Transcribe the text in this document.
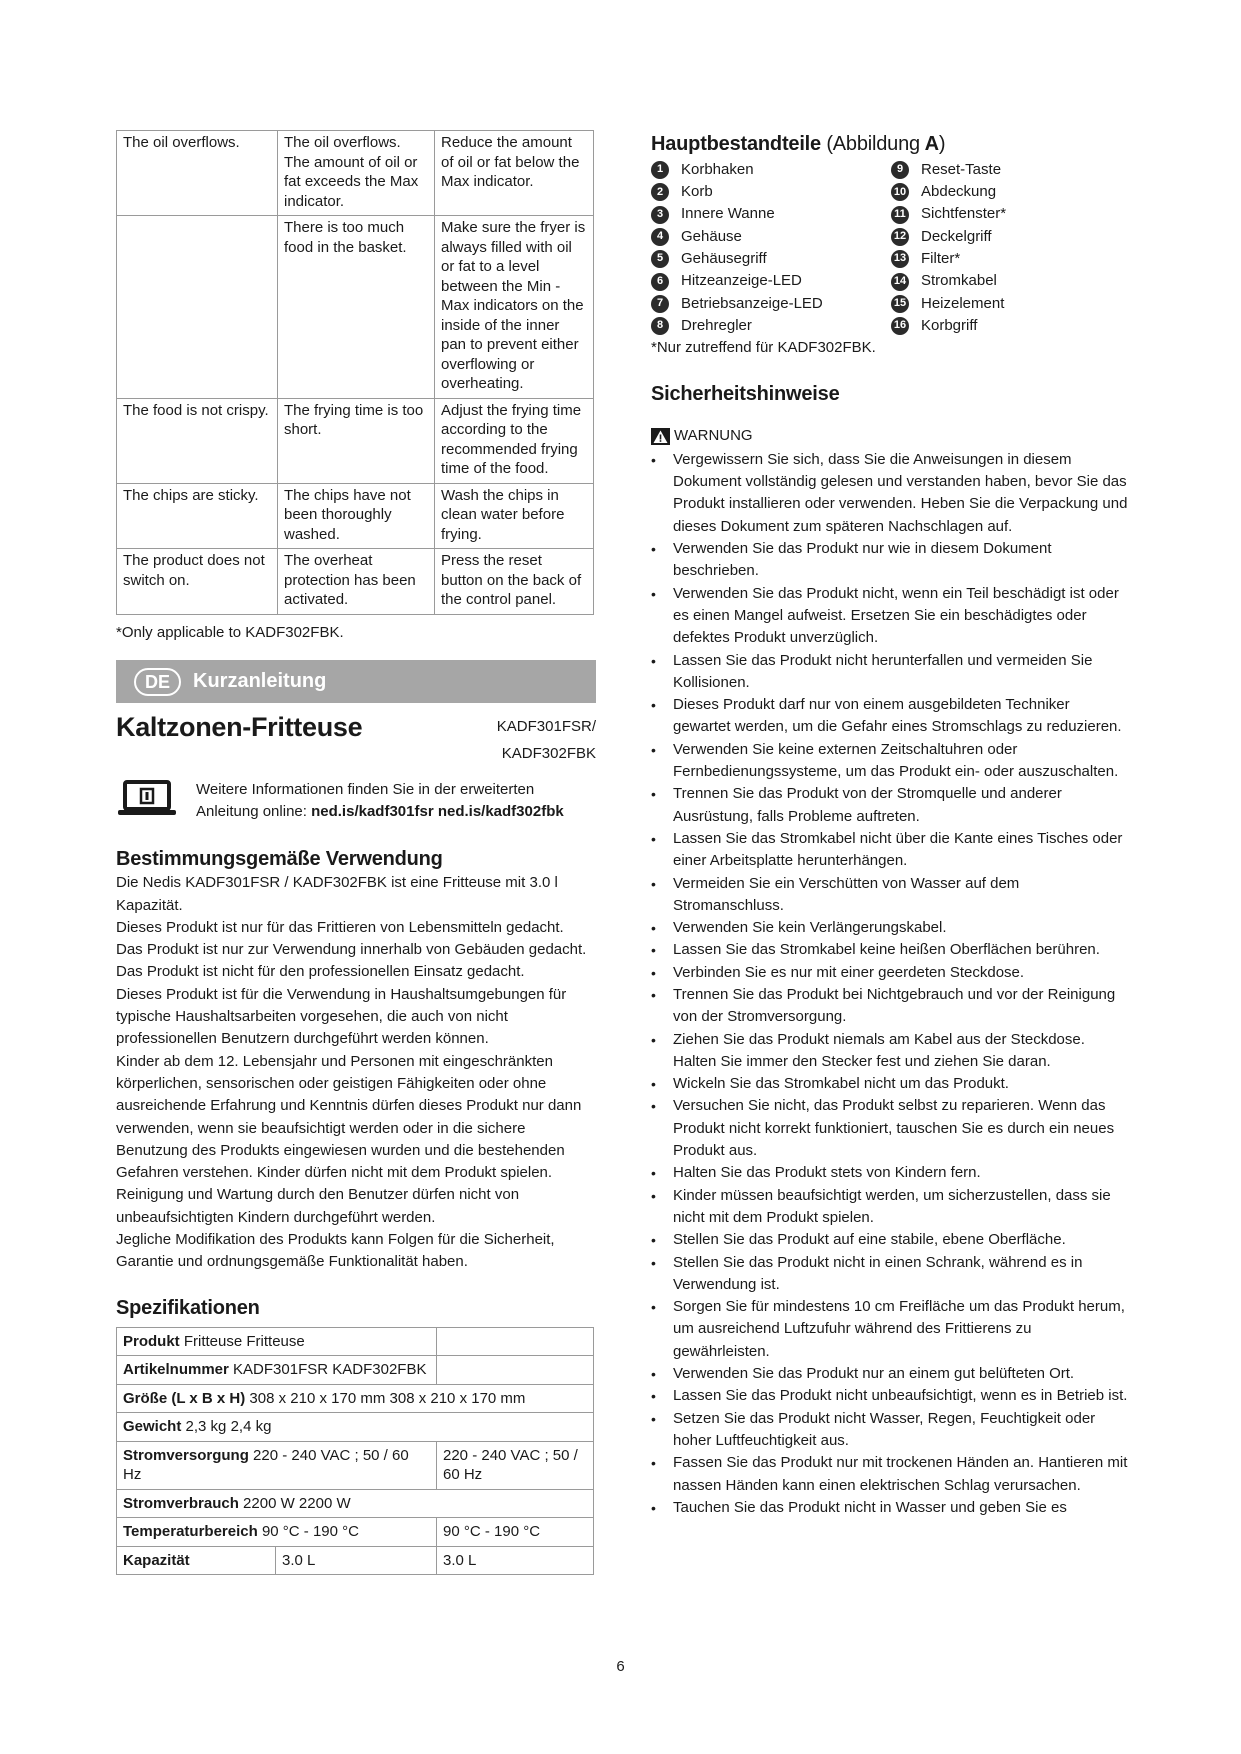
The oil overflows.	The oil overflows. The amount of oil or fat exceeds the Max indicator.	Reduce the amount of oil or fat below the Max indicator.
	There is too much food in the basket.	Make sure the fryer is always filled with oil or fat to a level between the Min - Max indicators on the inside of the inner pan to prevent either overflowing or overheating.
The food is not crispy.	The frying time is too short.	Adjust the frying time according to the recommended frying time of the food.
The chips are sticky.	The chips have not been thoroughly washed.	Wash the chips in clean water before frying.
The product does not switch on.	The overheat protection has been activated.	Press the reset button on the back of the control panel.
*Only applicable to KADF302FBK.
DE	Kurzanleitung
Kaltzonen-Fritteuse	KADF301FSR/
KADF302FBK
Weitere Informationen finden Sie in der erweiterten
Anleitung online: ned.is/kadf301fsr ned.is/kadf302fbk
Bestimmungsgemäße Verwendung

Die Nedis KADF301FSR / KADF302FBK ist eine Fritteuse mit 3.0 l Kapazität.

Dieses Produkt ist nur für das Frittieren von Lebensmitteln gedacht.

Das Produkt ist nur zur Verwendung innerhalb von Gebäuden gedacht.

Das Produkt ist nicht für den professionellen Einsatz gedacht.

Dieses Produkt ist für die Verwendung in Haushaltsumgebungen für typische Haushaltsarbeiten vorgesehen, die auch von nicht professionellen Benutzern durchgeführt werden können.

Kinder ab dem 12. Lebensjahr und Personen mit eingeschränkten körperlichen, sensorischen oder geistigen Fähigkeiten oder ohne ausreichende Erfahrung und Kenntnis dürfen dieses Produkt nur dann verwenden, wenn sie beaufsichtigt werden oder in die sichere Benutzung des Produkts eingewiesen wurden und die bestehenden Gefahren verstehen. Kinder dürfen nicht mit dem Produkt spielen. Reinigung und Wartung durch den Benutzer dürfen nicht von unbeaufsichtigten Kindern durchgeführt werden.

Jegliche Modifikation des Produkts kann Folgen für die Sicherheit, Garantie und ordnungsgemäße Funktionalität haben.

Spezifikationen
Produkt Fritteuse Fritteuse		
Artikelnummer KADF301FSR KADF302FBK		
Größe (L x B x H) 308 x 210 x 170 mm 308 x 210 x 170 mm		
Gewicht 2,3 kg 2,4 kg		
Stromversorgung 220 - 240 VAC ; 50 / 60 Hz		220 - 240 VAC ; 50 / 60 Hz
Stromverbrauch 2200 W 2200 W		
Temperaturbereich 90 °C - 190 °C		90 °C - 190 °C
Kapazität	3.0 L	3.0 L
Hauptbestandteile (Abbildung A)
1	Korbhaken
2	Korb
3	Innere Wanne
4	Gehäuse
5	Gehäusegriff
6	Hitzeanzeige-LED
7	Betriebsanzeige-LED
8	Drehregler
9	Reset-Taste
10 Abdeckung
11 Sichtfenster*
12 Deckelgriff
13 Filter*
14 Stromkabel
15 Heizelement
16 Korbgriff
*Nur zutreffend für KADF302FBK.
Sicherheitshinweise
WARNUNG
• Vergewissern Sie sich, dass Sie die Anweisungen in diesem Dokument vollständig gelesen und verstanden haben, bevor Sie das Produkt installieren oder verwenden. Heben Sie die Verpackung und dieses Dokument zum späteren Nachschlagen auf.
• Verwenden Sie das Produkt nur wie in diesem Dokument beschrieben.
• Verwenden Sie das Produkt nicht, wenn ein Teil beschädigt ist oder es einen Mangel aufweist. Ersetzen Sie ein beschädigtes oder defektes Produkt unverzüglich.
• Lassen Sie das Produkt nicht herunterfallen und vermeiden Sie Kollisionen.
• Dieses Produkt darf nur von einem ausgebildeten Techniker gewartet werden, um die Gefahr eines Stromschlags zu reduzieren.
• Verwenden Sie keine externen Zeitschaltuhren oder Fernbedienungssysteme, um das Produkt ein- oder auszuschalten.
• Trennen Sie das Produkt von der Stromquelle und anderer Ausrüstung, falls Probleme auftreten.
• Lassen Sie das Stromkabel nicht über die Kante eines Tisches oder einer Arbeitsplatte herunterhängen.
• Vermeiden Sie ein Verschütten von Wasser auf dem Stromanschluss.
• Verwenden Sie kein Verlängerungskabel.
• Lassen Sie das Stromkabel keine heißen Oberflächen berühren.
• Verbinden Sie es nur mit einer geerdeten Steckdose.
• Trennen Sie das Produkt bei Nichtgebrauch und vor der Reinigung von der Stromversorgung.
• Ziehen Sie das Produkt niemals am Kabel aus der Steckdose. Halten Sie immer den Stecker fest und ziehen Sie daran.
• Wickeln Sie das Stromkabel nicht um das Produkt.
• Versuchen Sie nicht, das Produkt selbst zu reparieren. Wenn das Produkt nicht korrekt funktioniert, tauschen Sie es durch ein neues Produkt aus.
• Halten Sie das Produkt stets von Kindern fern.
• Kinder müssen beaufsichtigt werden, um sicherzustellen, dass sie nicht mit dem Produkt spielen.
• Stellen Sie das Produkt auf eine stabile, ebene Oberfläche.
• Stellen Sie das Produkt nicht in einen Schrank, während es in Verwendung ist.
• Sorgen Sie für mindestens 10 cm Freifläche um das Produkt herum, um ausreichend Luftzufuhr während des Frittierens zu gewährleisten.
• Verwenden Sie das Produkt nur an einem gut belüfteten Ort.
• Lassen Sie das Produkt nicht unbeaufsichtigt, wenn es in Betrieb ist.
• Setzen Sie das Produkt nicht Wasser, Regen, Feuchtigkeit oder hoher Luftfeuchtigkeit aus.
• Fassen Sie das Produkt nur mit trockenen Händen an. Hantieren mit nassen Händen kann einen elektrischen Schlag verursachen.
• Tauchen Sie das Produkt nicht in Wasser und geben Sie es
6
